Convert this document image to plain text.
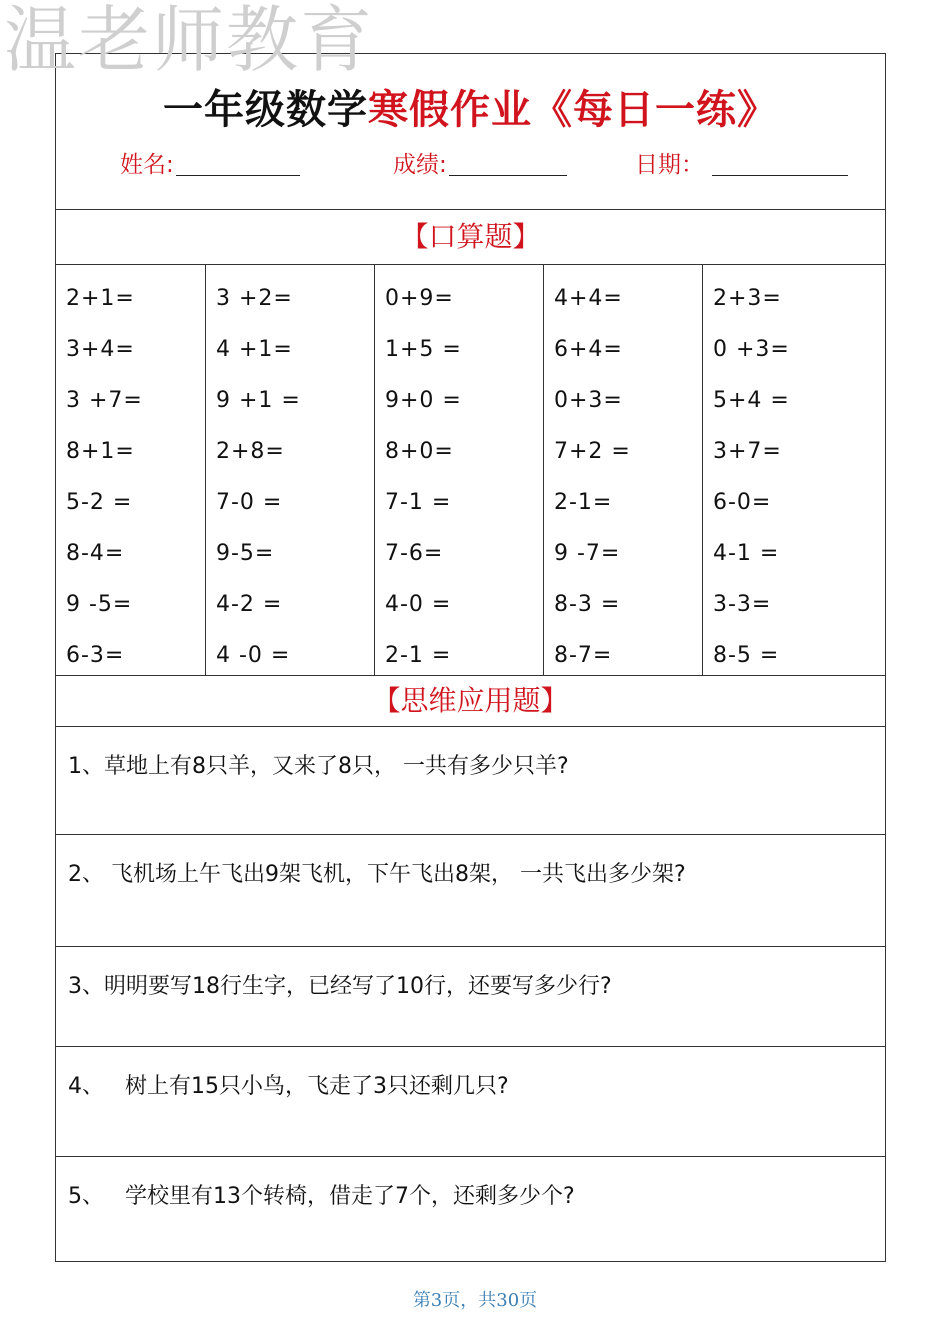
温老师教育
一年级数学寒假作业《每日一练》
姓名:	成绩:	日期：
【口算题】
2+1=
3+4=
3 +7=
8+1=
5-2 =
8-4=
9 -5=
6-3=
3 +2=
4 +1=
9 +1 =
2+8=
7-0 =
9-5=
4-2 =
4 -0 =
0+9=
1+5 =
9+0 =
8+0=
7-1 =
7-6=
4-0 =
2-1 =
4+4=
6+4=
0+3=
7+2 =
2-1=
9 -7=
8-3 =
8-7=
2+3=
0 +3=
5+4 =
3+7=
6-0=
4-1 =
3-3=
8-5 =
【思维应用题】
1、草地上有8只羊，又来了8只， 一共有多少只羊?
2、 飞机场上午飞出9架飞机，下午飞出8架， 一共飞出多少架?
3、明明要写18行生字，已经写了10行，还要写多少行?
4、   树上有15只小鸟，飞走了3只还剩几只?
5、   学校里有13个转椅，借走了7个，还剩多少个?
第3页，共30页
